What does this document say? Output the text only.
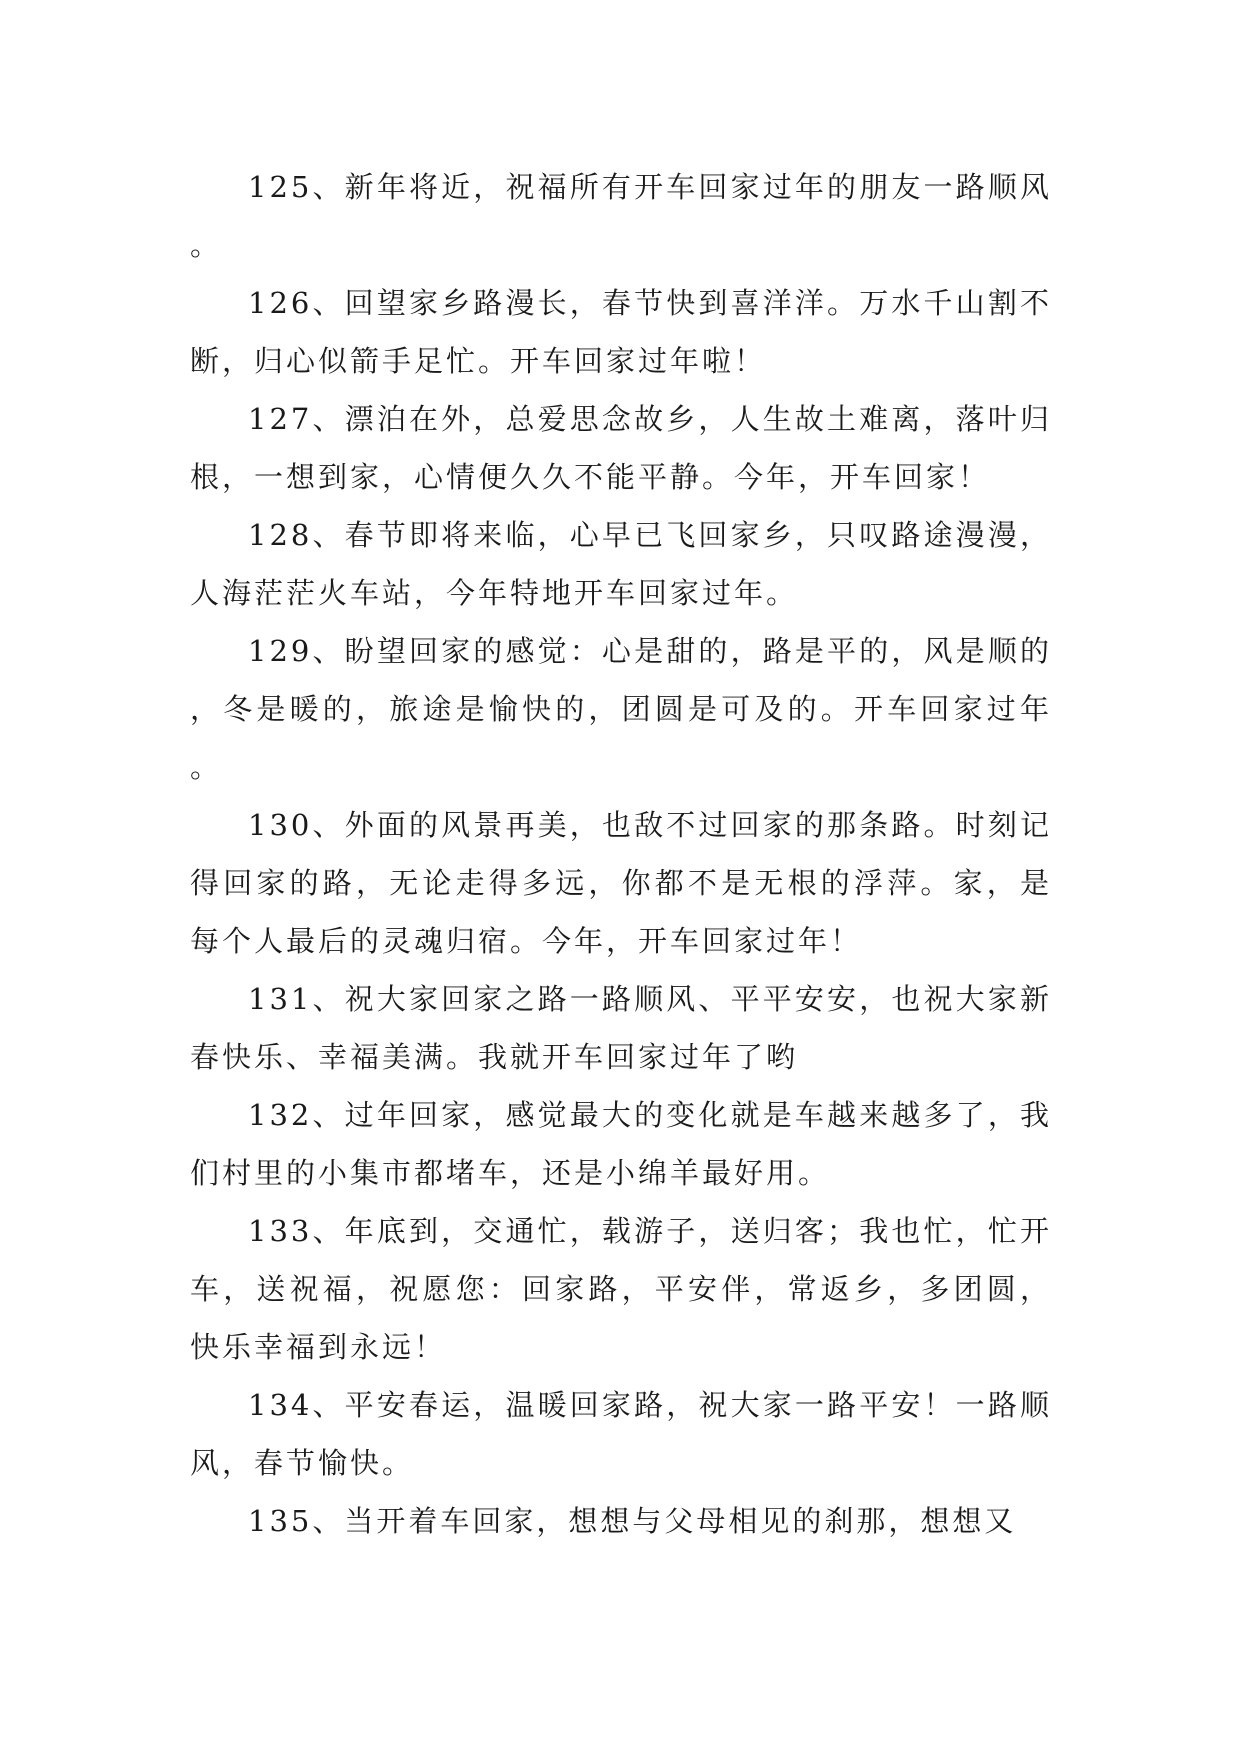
125、新年将近，祝福所有开车回家过年的朋友一路顺风。

126、回望家乡路漫长，春节快到喜洋洋。万水千山割不断，归心似箭手足忙。开车回家过年啦！

127、漂泊在外，总爱思念故乡，人生故土难离，落叶归根，一想到家，心情便久久不能平静。今年，开车回家！

128、春节即将来临，心早已飞回家乡，只叹路途漫漫，人海茫茫火车站，今年特地开车回家过年。

129、盼望回家的感觉：心是甜的，路是平的，风是顺的，冬是暖的，旅途是愉快的，团圆是可及的。开车回家过年。

130、外面的风景再美，也敌不过回家的那条路。时刻记得回家的路，无论走得多远，你都不是无根的浮萍。家，是每个人最后的灵魂归宿。今年，开车回家过年！

131、祝大家回家之路一路顺风、平平安安，也祝大家新春快乐、幸福美满。我就开车回家过年了哟

132、过年回家，感觉最大的变化就是车越来越多了，我们村里的小集市都堵车，还是小绵羊最好用。

133、年底到，交通忙，载游子，送归客；我也忙，忙开车，送祝福，祝愿您：回家路，平安伴，常返乡，多团圆，快乐幸福到永远！

134、平安春运，温暖回家路，祝大家一路平安！一路顺风，春节愉快。

135、当开着车回家，想想与父母相见的刹那，想想又
